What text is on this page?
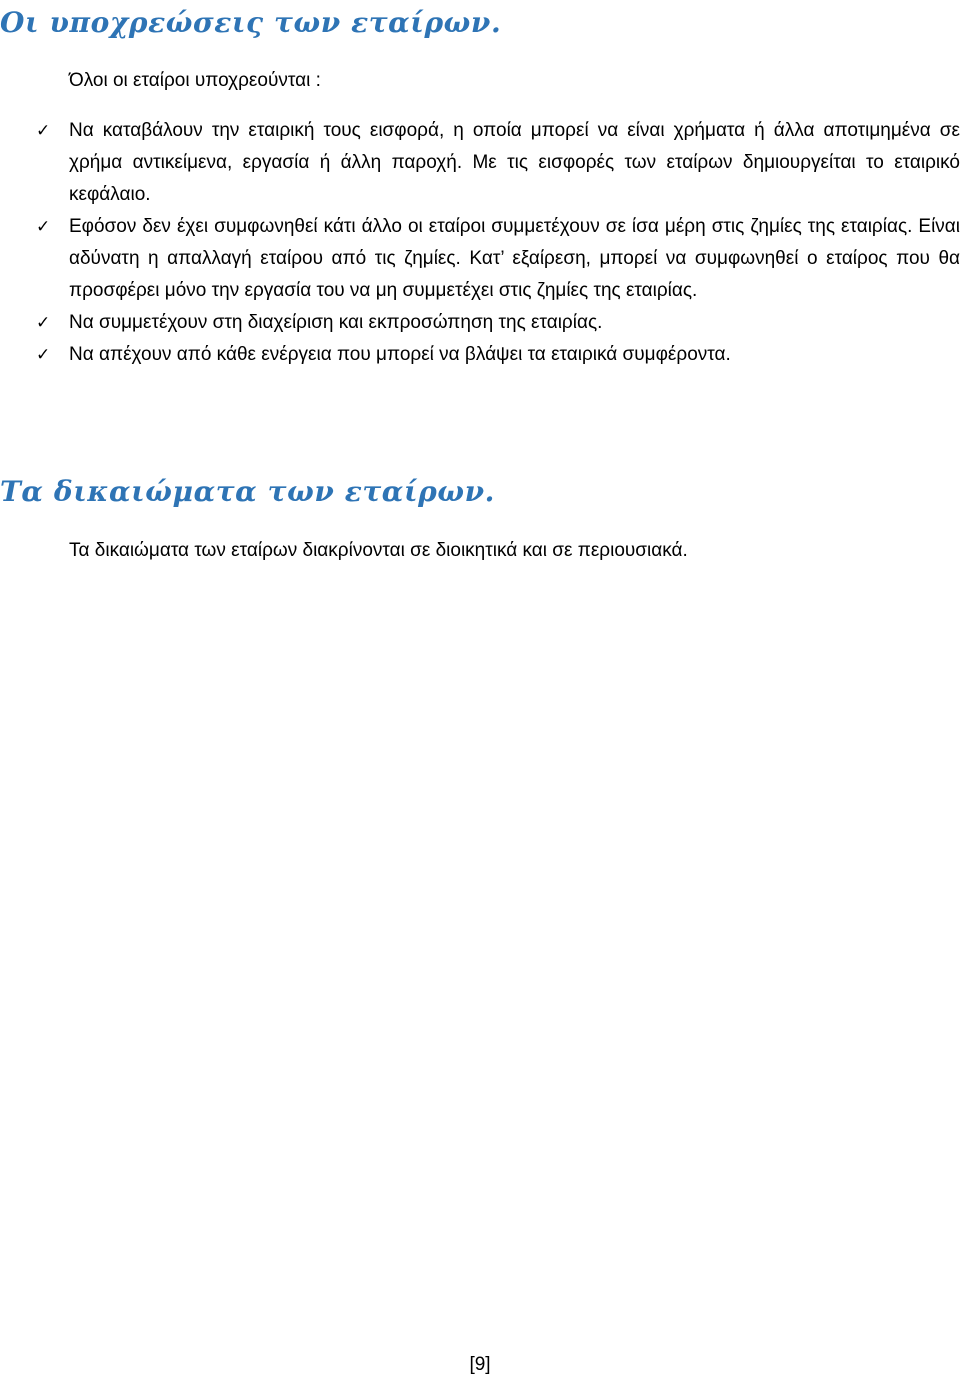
Οι υποχρεώσεις των εταίρων.

Όλοι οι εταίροι υποχρεούνται :

✓ Να καταβάλουν την εταιρική τους εισφορά, η οποία μπορεί να είναι χρήματα ή άλλα αποτιμημένα σε χρήμα αντικείμενα, εργασία ή άλλη παροχή. Με τις εισφορές των εταίρων δημιουργείται το εταιρικό κεφάλαιο.
✓ Εφόσον δεν έχει συμφωνηθεί κάτι άλλο οι εταίροι συμμετέχουν σε ίσα μέρη στις ζημίες της εταιρίας. Είναι αδύνατη η απαλλαγή εταίρου από τις ζημίες. Κατ’ εξαίρεση, μπορεί να συμφωνηθεί ο εταίρος που θα προσφέρει μόνο την εργασία του να μη συμμετέχει στις ζημίες της εταιρίας.
✓ Να συμμετέχουν στη διαχείριση και εκπροσώπηση της εταιρίας.
✓ Να απέχουν από κάθε ενέργεια που μπορεί να βλάψει τα εταιρικά συμφέροντα.
Τα δικαιώματα των εταίρων.

Τα δικαιώματα των εταίρων διακρίνονται σε διοικητικά και σε περιουσιακά.

[9]
